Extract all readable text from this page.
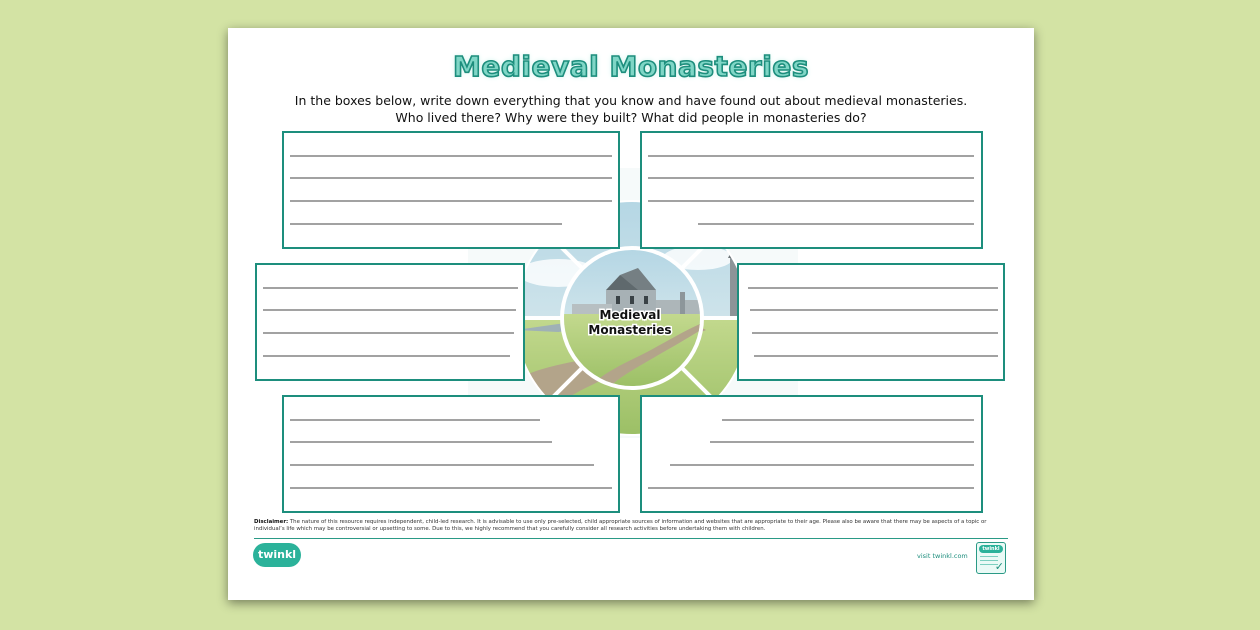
Medieval
Monasteries
Medieval Monasteries

In the boxes below, write down everything that you know and have found out about medieval monasteries.

Who lived there? Why were they built? What did people in monasteries do?

Disclaimer: The nature of this resource requires independent, child-led research. It is advisable to use only pre-selected, child appropriate sources of information and websites that are appropriate to their age. Please also be aware that there may be aspects of a topic or individual’s life which may be controversial or upsetting to some. Due to this, we highly recommend that you carefully consider all research activities before undertaking them with children.
twinkl	visit twinkl.com
twinkl
✓
